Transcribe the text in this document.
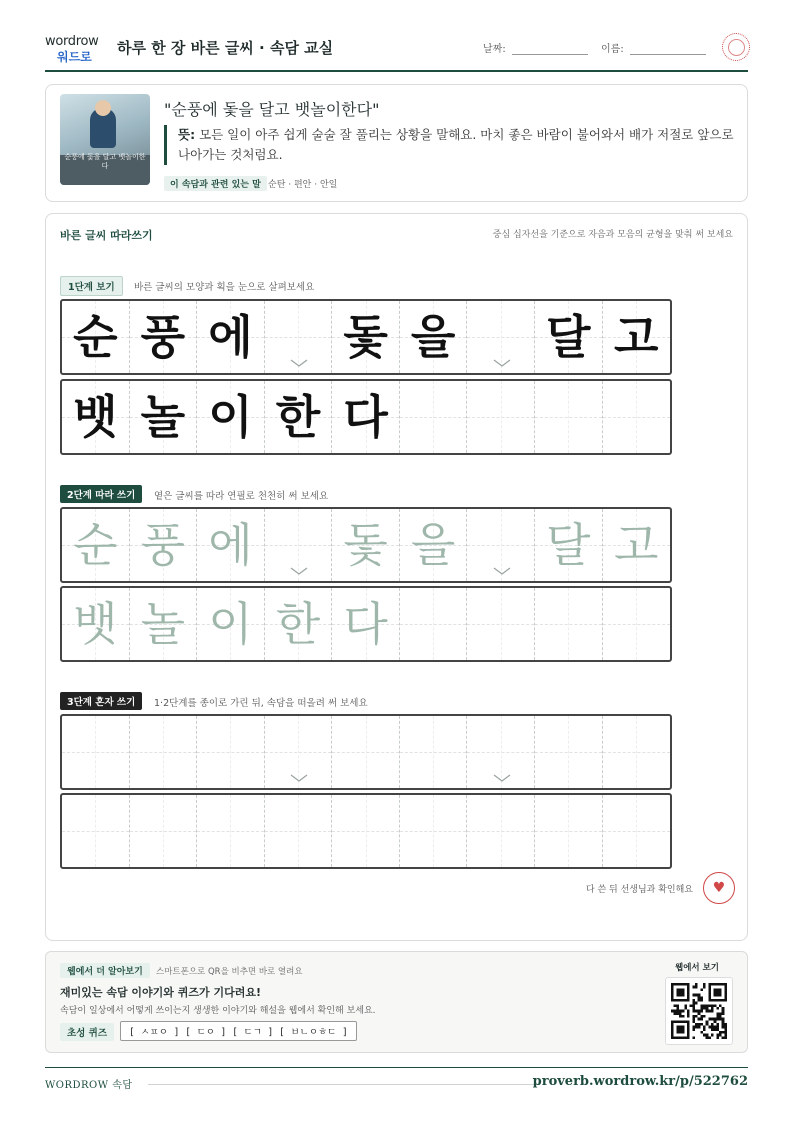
wordrow
워드로 하루 한 장 바른 글씨 · 속담 교실	날짜:	이름:
순풍에 돛을 달고 뱃놀이한다
"순풍에 돛을 달고 뱃놀이한다"
뜻: 모든 일이 아주 쉽게 술술 잘 풀리는 상황을 말해요. 마치 좋은 바람이 불어와서 배가 저절로 앞으로 나아가는 것처럼요.
이 속담과 관련 있는 말 순탄 · 편안 · 안일
바른 글씨 따라쓰기	중심 십자선을 기준으로 자음과 모음의 균형을 맞춰 써 보세요
1단계 보기	바른 글씨의 모양과 획을 눈으로 살펴보세요
순 풍 에 돛 을 달 고
뱃 놀 이 한 다
2단계 따라 쓰기	옅은 글씨를 따라 연필로 천천히 써 보세요
순 풍 에 돛 을 달 고
뱃 놀 이 한 다
3단계 혼자 쓰기	1·2단계를 종이로 가린 뒤, 속담을 떠올려 써 보세요
다 쓴 뒤 선생님과 확인해요	♥
웹에서 더 알아보기	스마트폰으로 QR을 비추면 바로 열려요
재미있는 속담 이야기와 퀴즈가 기다려요!
속담이 일상에서 어떻게 쓰이는지 생생한 이야기와 해설을 웹에서 확인해 보세요.
초성 퀴즈	[ ㅅㅍㅇ ] [ ㄷㅇ ] [ ㄷㄱ ] [ ㅂㄴㅇㅎㄷ ]
웹에서 보기
WORDROW 속담	proverb.wordrow.kr/p/522762
